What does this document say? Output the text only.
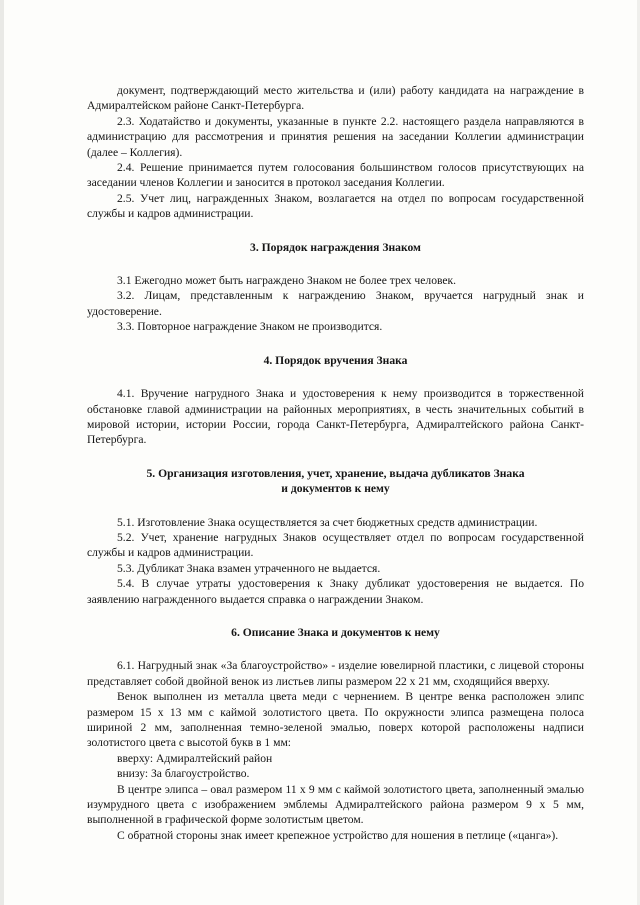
документ, подтверждающий место жительства и (или) работу кандидата на награждение в Адмиралтейском районе Санкт-Петербурга.

2.3. Ходатайство и документы, указанные в пункте 2.2. настоящего раздела направляются в администрацию для рассмотрения и принятия решения на заседании Коллегии администрации (далее – Коллегия).

2.4. Решение принимается путем голосования большинством голосов присутствующих на заседании членов Коллегии и заносится в протокол заседания Коллегии.

2.5. Учет лиц, награжденных Знаком, возлагается на отдел по вопросам государственной службы и кадров администрации.

3. Порядок награждения Знаком

3.1 Ежегодно может быть награждено Знаком не более трех человек.

3.2. Лицам, представленным к награждению Знаком, вручается нагрудный знак и удостоверение.

3.3. Повторное награждение Знаком не производится.

4. Порядок вручения Знака

4.1. Вручение нагрудного Знака и удостоверения к нему производится в торжественной обстановке главой администрации на районных мероприятиях, в честь значительных событий в мировой истории, истории России, города Санкт-Петербурга, Адмиралтейского района Санкт-Петербурга.

5. Организация изготовления, учет, хранение, выдача дубликатов Знака

и документов к нему

5.1. Изготовление Знака осуществляется за счет бюджетных средств администрации.

5.2. Учет, хранение нагрудных Знаков осуществляет отдел по вопросам государственной службы и кадров администрации.

5.3. Дубликат Знака взамен утраченного не выдается.

5.4. В случае утраты удостоверения к Знаку дубликат удостоверения не выдается. По заявлению награжденного выдается справка о награждении Знаком.

6. Описание Знака и документов к нему

6.1. Нагрудный знак «За благоустройство» - изделие ювелирной пластики, с лицевой стороны представляет собой двойной венок из листьев липы размером 22 х 21 мм, сходящийся вверху.

Венок выполнен из металла цвета меди с чернением. В центре венка расположен элипс размером 15 х 13 мм с каймой золотистого цвета. По окружности элипса размещена полоса шириной 2 мм, заполненная темно-зеленой эмалью, поверх которой расположены надписи золотистого цвета с высотой букв в 1 мм:

вверху: Адмиралтейский район

внизу: За благоустройство.

В центре элипса – овал размером 11 х 9 мм с каймой золотистого цвета, заполненный эмалью изумрудного цвета с изображением эмблемы Адмиралтейского района размером 9 х 5 мм, выполненной в графической форме золотистым цветом.

С обратной стороны знак имеет крепежное устройство для ношения в петлице («цанга»).
